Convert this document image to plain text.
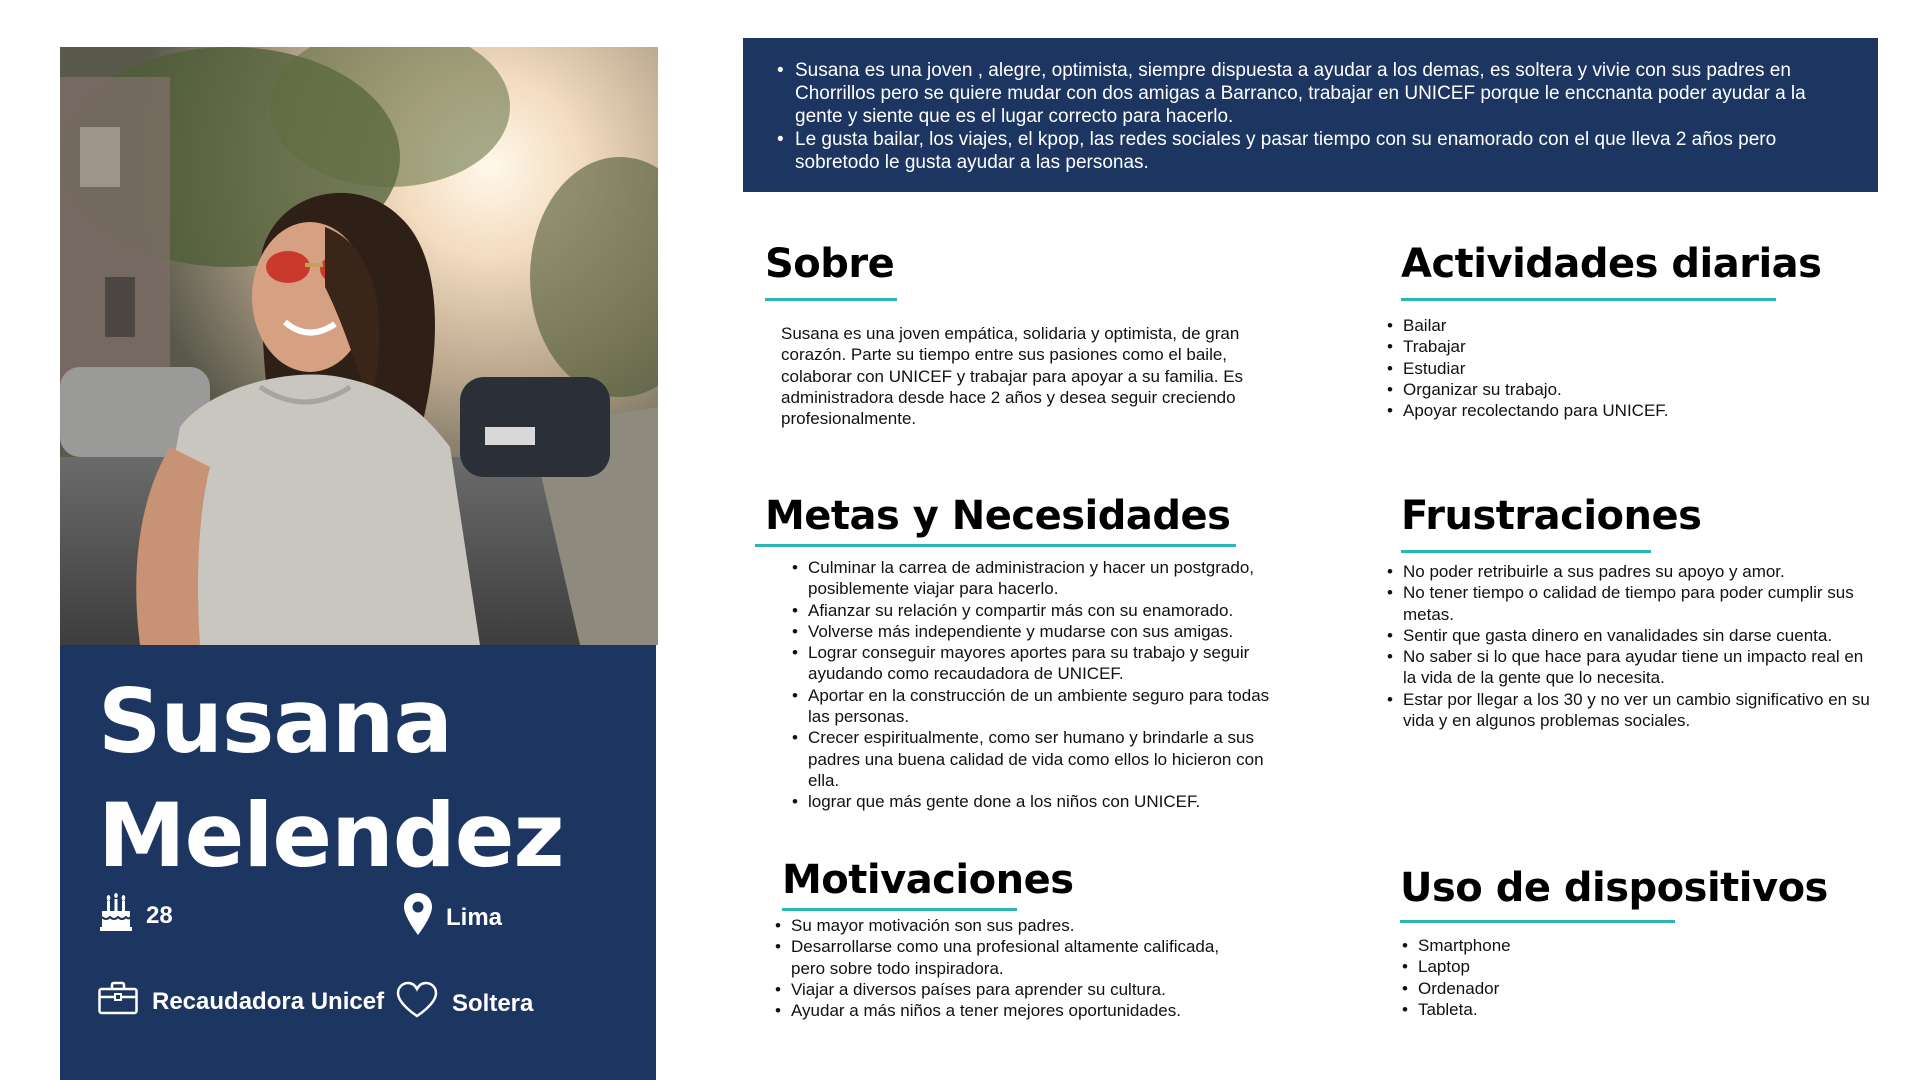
Susana
Melendez
28	Lima
Recaudadora Unicef	Soltera
• Susana es una joven , alegre, optimista, siempre dispuesta a ayudar a los demas, es soltera y vivie con sus padres en Chorrillos pero se quiere mudar con dos amigas a Barranco, trabajar en UNICEF porque le enccnanta poder ayudar a la gente y siente que es el lugar correcto para hacerlo.
• Le gusta bailar, los viajes, el kpop, las redes sociales y pasar tiempo con su enamorado con el que lleva 2 años pero sobretodo le gusta ayudar a las personas.
Sobre

Susana es una joven empática, solidaria y optimista, de gran corazón. Parte su tiempo entre sus pasiones como el baile, colaborar con UNICEF y trabajar para apoyar a su familia. Es administradora desde hace 2 años y desea seguir creciendo profesionalmente.

Actividades diarias
• Bailar
• Trabajar
• Estudiar
• Organizar su trabajo.
• Apoyar recolectando para UNICEF.
Metas y Necesidades
• Culminar la carrea de administracion y hacer un postgrado, posiblemente viajar para hacerlo.
• Afianzar su relación y compartir más con su enamorado.
• Volverse más independiente y mudarse con sus amigas.
• Lograr conseguir mayores aportes para su trabajo y seguir ayudando como recaudadora de UNICEF.
• Aportar en la construcción de un ambiente seguro para todas las personas.
• Crecer espiritualmente, como ser humano y brindarle a sus padres una buena calidad de vida como ellos lo hicieron con ella.
• lograr que más gente done a los niños con UNICEF.
Frustraciones
• No poder retribuirle a sus padres su apoyo y amor.
• No tener tiempo o calidad de tiempo para poder cumplir sus metas.
• Sentir que gasta dinero en vanalidades sin darse cuenta.
• No saber si lo que hace para ayudar tiene un impacto real en la vida de la gente que lo necesita.
• Estar por llegar a los 30 y no ver un cambio significativo en su vida y en algunos problemas sociales.
Motivaciones
• Su mayor motivación son sus padres.
• Desarrollarse como una profesional altamente calificada, pero sobre todo inspiradora.
• Viajar a diversos países para aprender su cultura.
• Ayudar a más niños a tener mejores oportunidades.
Uso de dispositivos
• Smartphone
• Laptop
• Ordenador
• Tableta.
